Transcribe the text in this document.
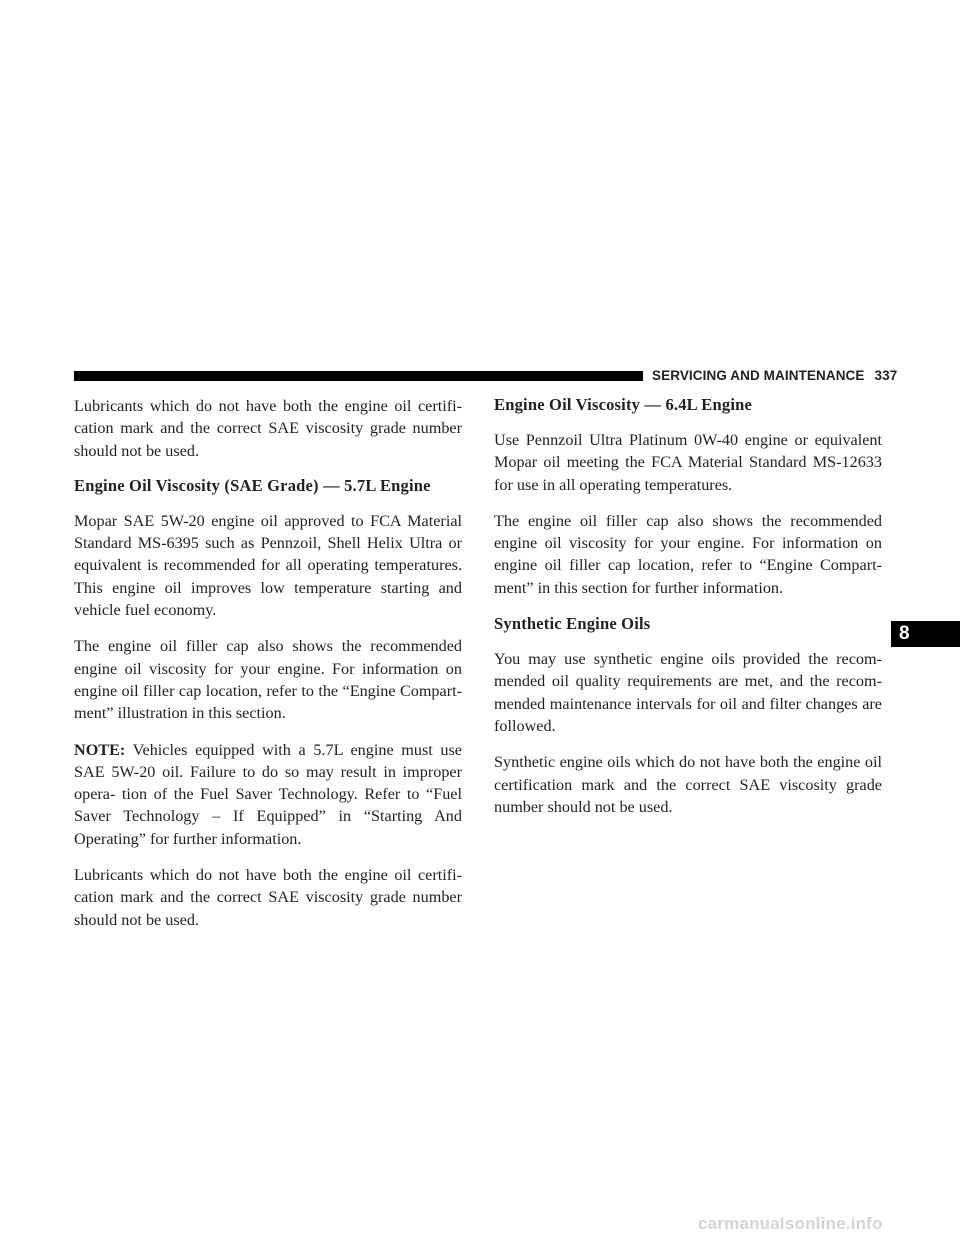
SERVICING AND MAINTENANCE 337

Lubricants which do not have both the engine oil certifi- cation mark and the correct SAE viscosity grade number should not be used.

Engine Oil Viscosity (SAE Grade) — 5.7L Engine

Mopar SAE 5W-20 engine oil approved to FCA Material Standard MS-6395 such as Pennzoil, Shell Helix Ultra or equivalent is recommended for all operating temperatures. This engine oil improves low temperature starting and vehicle fuel economy.

The engine oil filler cap also shows the recommended engine oil viscosity for your engine. For information on engine oil filler cap location, refer to the “Engine Compart- ment” illustration in this section.

NOTE: Vehicles equipped with a 5.7L engine must use SAE 5W-20 oil. Failure to do so may result in improper opera- tion of the Fuel Saver Technology. Refer to “Fuel Saver Technology – If Equipped” in “Starting And Operating” for further information.

Lubricants which do not have both the engine oil certifi- cation mark and the correct SAE viscosity grade number should not be used.

Engine Oil Viscosity — 6.4L Engine

Use Pennzoil Ultra Platinum 0W-40 engine or equivalent Mopar oil meeting the FCA Material Standard MS-12633 for use in all operating temperatures.

The engine oil filler cap also shows the recommended engine oil viscosity for your engine. For information on engine oil filler cap location, refer to “Engine Compart- ment” in this section for further information.

Synthetic Engine Oils

You may use synthetic engine oils provided the recom- mended oil quality requirements are met, and the recom- mended maintenance intervals for oil and filter changes are followed.

Synthetic engine oils which do not have both the engine oil certification mark and the correct SAE viscosity grade number should not be used.

8
carmanualsonline.info
